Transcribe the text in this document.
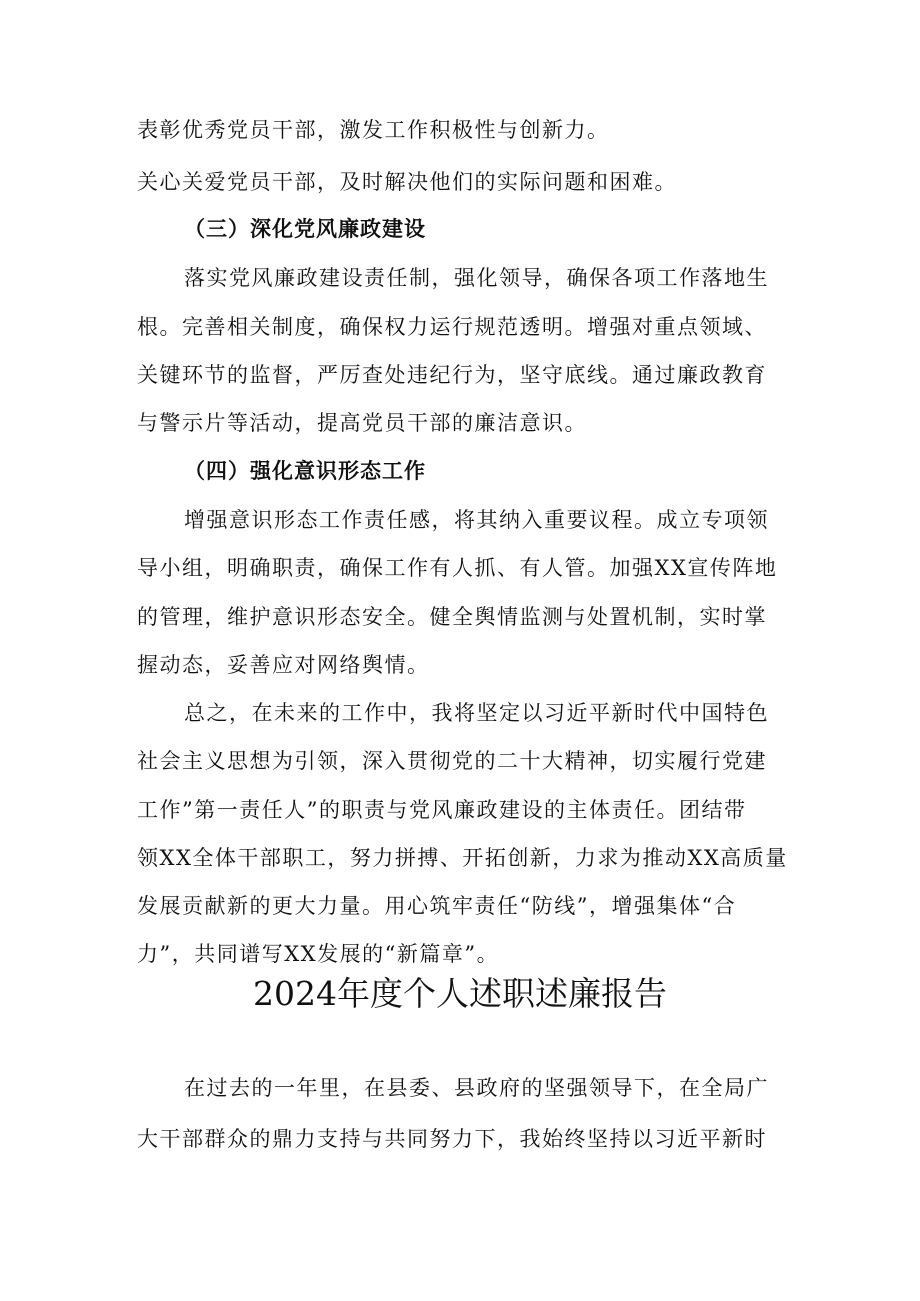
表彰优秀党员干部，激发工作积极性与创新力。
关心关爱党员干部，及时解决他们的实际问题和困难。
（三）深化党风廉政建设
落实党风廉政建设责任制，强化领导，确保各项工作落地生
根。完善相关制度，确保权力运行规范透明。增强对重点领域、
关键环节的监督，严厉查处违纪行为，坚守底线。通过廉政教育
与警示片等活动，提高党员干部的廉洁意识。
（四）强化意识形态工作
增强意识形态工作责任感，将其纳入重要议程。成立专项领
导小组，明确职责，确保工作有人抓、有人管。加强XX宣传阵地
的管理，维护意识形态安全。健全舆情监测与处置机制，实时掌
握动态，妥善应对网络舆情。
总之，在未来的工作中，我将坚定以习近平新时代中国特色
社会主义思想为引领，深入贯彻党的二十大精神，切实履行党建
工作”第一责任人”的职责与党风廉政建设的主体责任。团结带
领XX全体干部职工，努力拼搏、开拓创新，力求为推动XX高质量
发展贡献新的更大力量。用心筑牢责任“防线”，增强集体“合
力”，共同谱写XX发展的“新篇章”。
2024年度个人述职述廉报告
在过去的一年里，在县委、县政府的坚强领导下，在全局广
大干部群众的鼎力支持与共同努力下，我始终坚持以习近平新时
